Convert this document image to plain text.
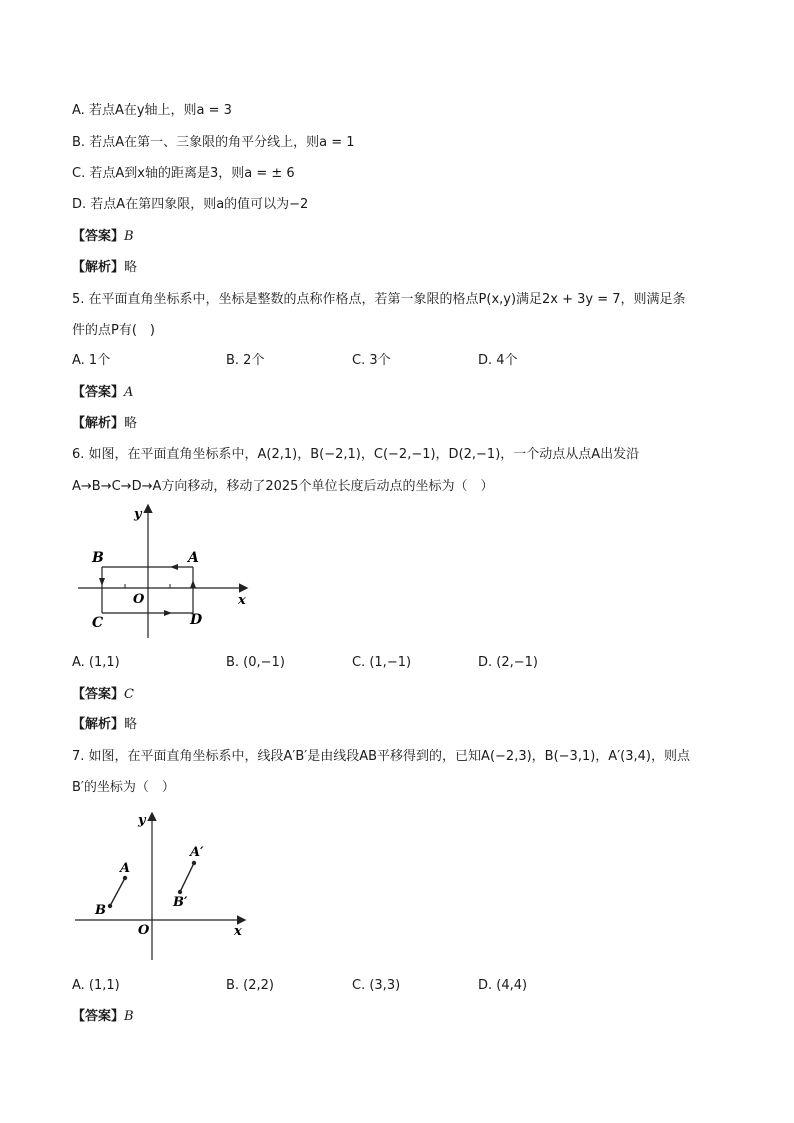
A. 若点A在y轴上，则a = 3
B. 若点A在第一、三象限的角平分线上，则a = 1
C. 若点A到x轴的距离是3，则a = ± 6
D. 若点A在第四象限，则a的值可以为−2
【答案】B
【解析】略
5. 在平面直角坐标系中，坐标是整数的点称作格点，若第一象限的格点P(x,y)满足2x + 3y = 7，则满足条
件的点P有(　)
A. 1个	B. 2个	C. 3个	D. 4个
【答案】A
【解析】略
6. 如图，在平面直角坐标系中，A(2,1)，B(−2,1)，C(−2,−1)，D(2,−1)，一个动点从点A出发沿
A→B→C→D→A方向移动，移动了2025个单位长度后动点的坐标为（　）
y
B	A
O	x
C	D
A. (1,1)	B. (0,−1)	C. (1,−1)	D. (2,−1)
【答案】C
【解析】略
7. 如图，在平面直角坐标系中，线段A′B′是由线段AB平移得到的，已知A(−2,3)，B(−3,1)，A′(3,4)，则点
B′的坐标为（　）
y
A
B
A′
B′
O	x
A. (1,1)	B. (2,2)	C. (3,3)	D. (4,4)
【答案】B
